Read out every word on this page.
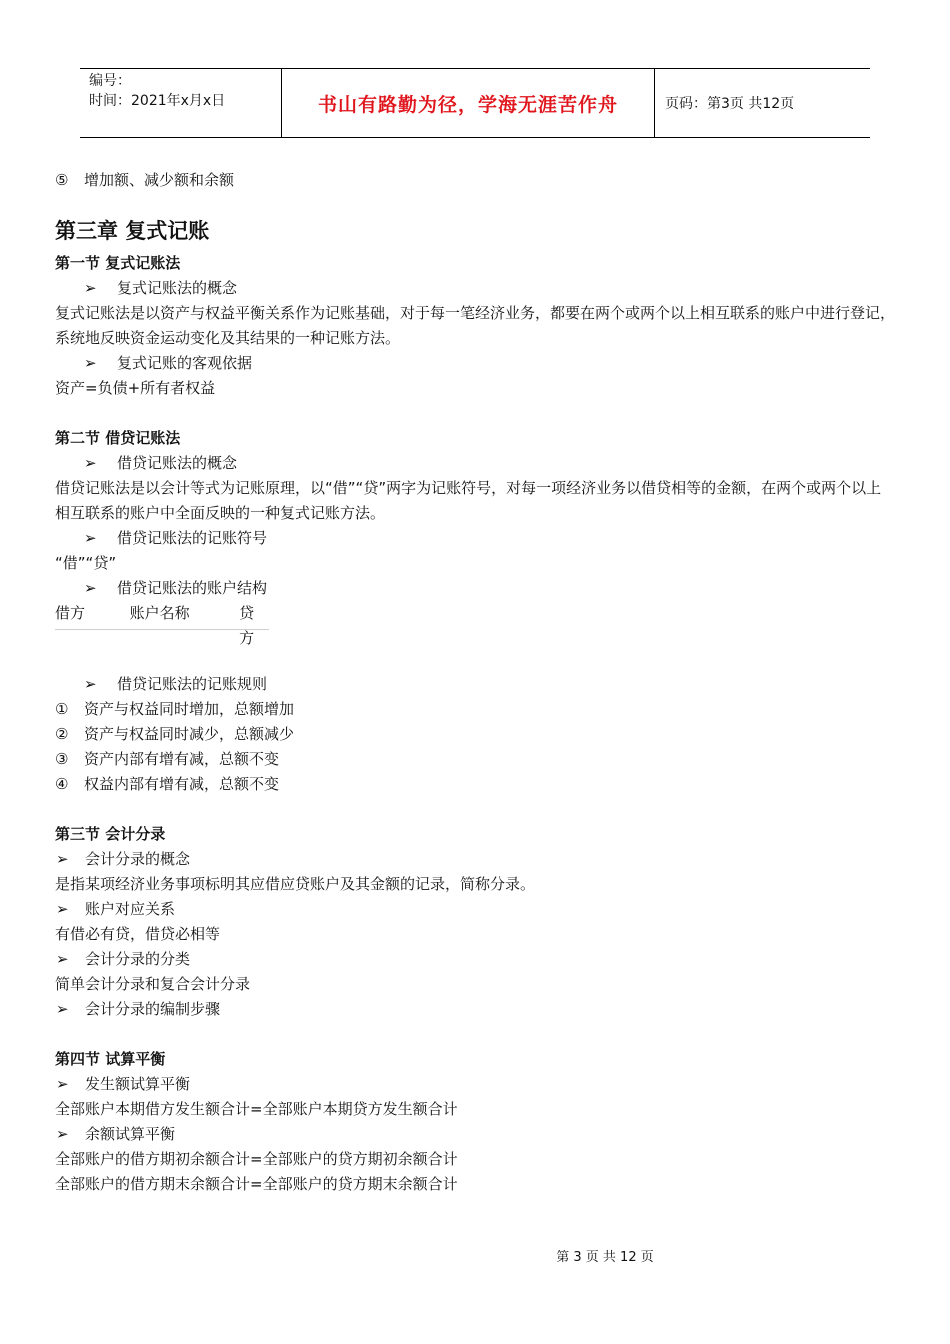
编号：
时间：2021年x月x日	书山有路勤为径，学海无涯苦作舟	页码：第3页 共12页
⑤ 增加额、减少额和余额
第三章 复式记账
第一节 复式记账法
➢ 复式记账法的概念
复式记账法是以资产与权益平衡关系作为记账基础，对于每一笔经济业务，都要在两个或两个以上相互联系的账户中进行登记，系统地反映资金运动变化及其结果的一种记账方法。
➢ 复式记账的客观依据
资产=负债+所有者权益
第二节 借贷记账法
➢ 借贷记账法的概念
借贷记账法是以会计等式为记账原理，以“借”“贷”两字为记账符号，对每一项经济业务以借贷相等的金额，在两个或两个以上相互联系的账户中全面反映的一种复式记账方法。
➢ 借贷记账法的记账符号
“借”“贷”
➢ 借贷记账法的账户结构
借方	账户名称	贷方
➢ 借贷记账法的记账规则
① 资产与权益同时增加，总额增加
② 资产与权益同时减少，总额减少
③ 资产内部有增有减，总额不变
④ 权益内部有增有减，总额不变
第三节 会计分录
➢ 会计分录的概念
是指某项经济业务事项标明其应借应贷账户及其金额的记录，简称分录。
➢ 账户对应关系
有借必有贷，借贷必相等
➢ 会计分录的分类
简单会计分录和复合会计分录
➢ 会计分录的编制步骤
第四节 试算平衡
➢ 发生额试算平衡
全部账户本期借方发生额合计=全部账户本期贷方发生额合计
➢ 余额试算平衡
全部账户的借方期初余额合计=全部账户的贷方期初余额合计
全部账户的借方期末余额合计=全部账户的贷方期末余额合计
第 3 页 共 12 页
